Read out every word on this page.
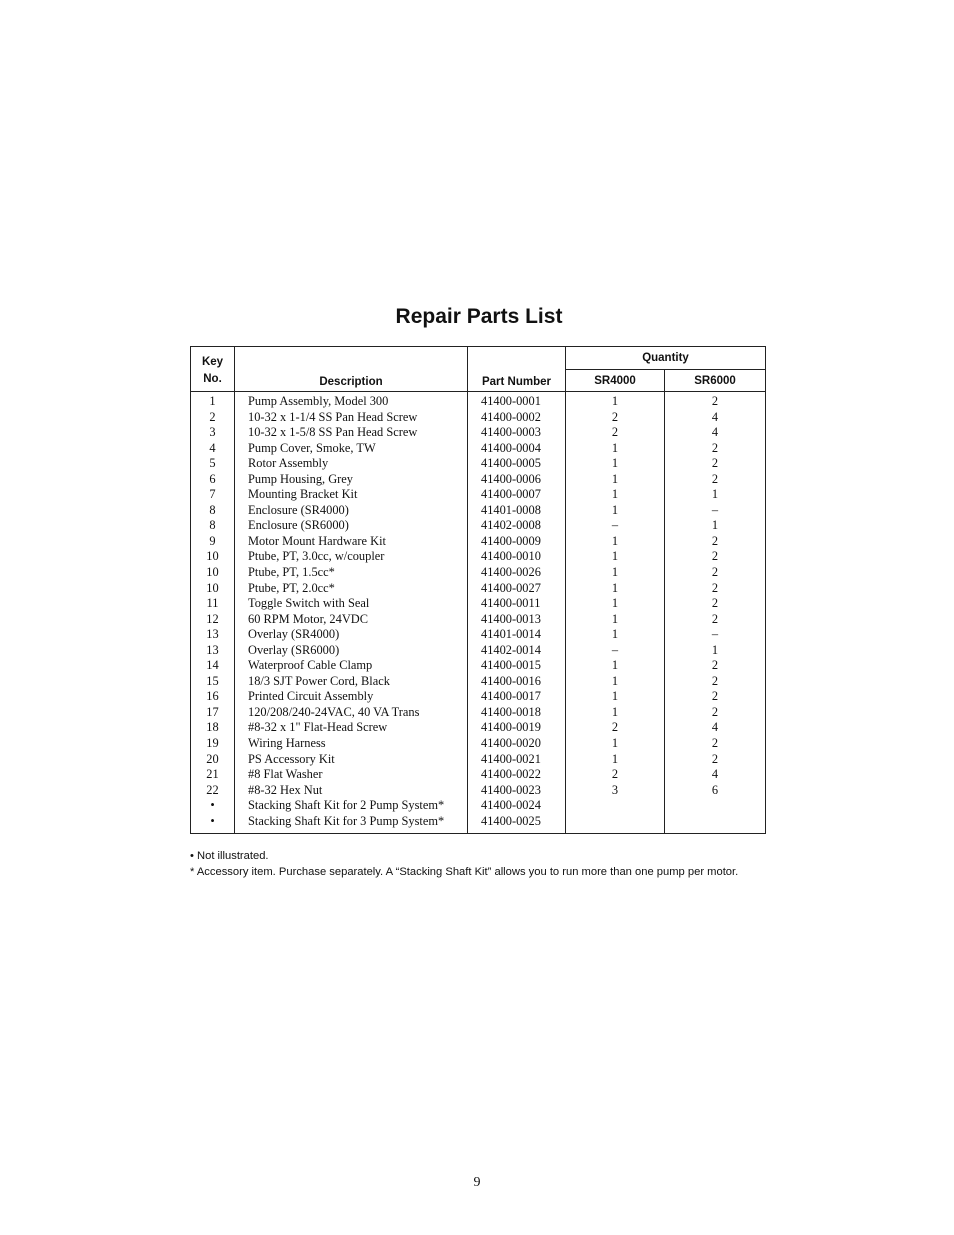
Repair Parts List
Key
No.	Description	Part Number	Quantity	
			SR4000	SR6000
1	Pump Assembly, Model 300	41400-0001	1	2
2	10-32 x 1-1/4 SS Pan Head Screw	41400-0002	2	4
3	10-32 x 1-5/8 SS Pan Head Screw	41400-0003	2	4
4	Pump Cover, Smoke, TW	41400-0004	1	2
5	Rotor Assembly	41400-0005	1	2
6	Pump Housing, Grey	41400-0006	1	2
7	Mounting Bracket Kit	41400-0007	1	1
8	Enclosure (SR4000)	41401-0008	1	–
8	Enclosure (SR6000)	41402-0008	–	1
9	Motor Mount Hardware Kit	41400-0009	1	2
10	Ptube, PT, 3.0cc, w/coupler	41400-0010	1	2
10	Ptube, PT, 1.5cc*	41400-0026	1	2
10	Ptube, PT, 2.0cc*	41400-0027	1	2
11	Toggle Switch with Seal	41400-0011	1	2
12	60 RPM Motor, 24VDC	41400-0013	1	2
13	Overlay (SR4000)	41401-0014	1	–
13	Overlay (SR6000)	41402-0014	–	1
14	Waterproof Cable Clamp	41400-0015	1	2
15	18/3 SJT Power Cord, Black	41400-0016	1	2
16	Printed Circuit Assembly	41400-0017	1	2
17	120/208/240-24VAC, 40 VA Trans	41400-0018	1	2
18	#8-32 x 1" Flat-Head Screw	41400-0019	2	4
19	Wiring Harness	41400-0020	1	2
20	PS Accessory Kit	41400-0021	1	2
21	#8 Flat Washer	41400-0022	2	4
22	#8-32 Hex Nut	41400-0023	3	6
•	Stacking Shaft Kit for 2 Pump System*	41400-0024		
•	Stacking Shaft Kit for 3 Pump System*	41400-0025		
• Not illustrated.
* Accessory item. Purchase separately. A “Stacking Shaft Kit” allows you to run more than one pump per motor.
9
